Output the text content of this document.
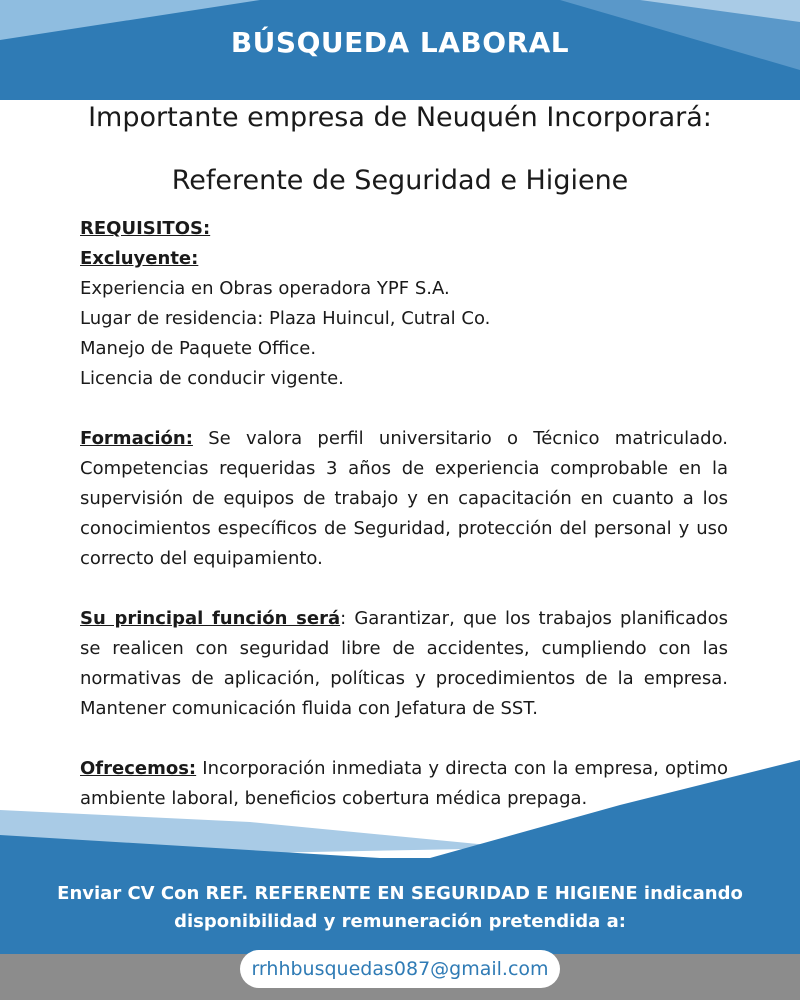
BÚSQUEDA LABORAL
Importante empresa de Neuquén Incorporará:
Referente de Seguridad e Higiene
REQUISITOS:
Excluyente:
Experiencia en Obras operadora YPF S.A.
Lugar de residencia: Plaza Huincul, Cutral Co.
Manejo de Paquete Office.
Licencia de conducir vigente.
Formación: Se valora perfil universitario o Técnico matriculado. Competencias requeridas 3 años de experiencia comprobable en la supervisión de equipos de trabajo y en capacitación en cuanto a los conocimientos específicos de Seguridad, protección del personal y uso correcto del equipamiento.
Su principal función será: Garantizar, que los trabajos planificados se realicen con seguridad libre de accidentes, cumpliendo con las normativas de aplicación, políticas y procedimientos de la empresa. Mantener comunicación fluida con Jefatura de SST.
Ofrecemos: Incorporación inmediata y directa con la empresa, optimo ambiente laboral, beneficios cobertura médica prepaga.
Enviar CV Con REF. REFERENTE EN SEGURIDAD E HIGIENE indicando
disponibilidad y remuneración pretendida a:
rrhhbusquedas087@gmail.com
